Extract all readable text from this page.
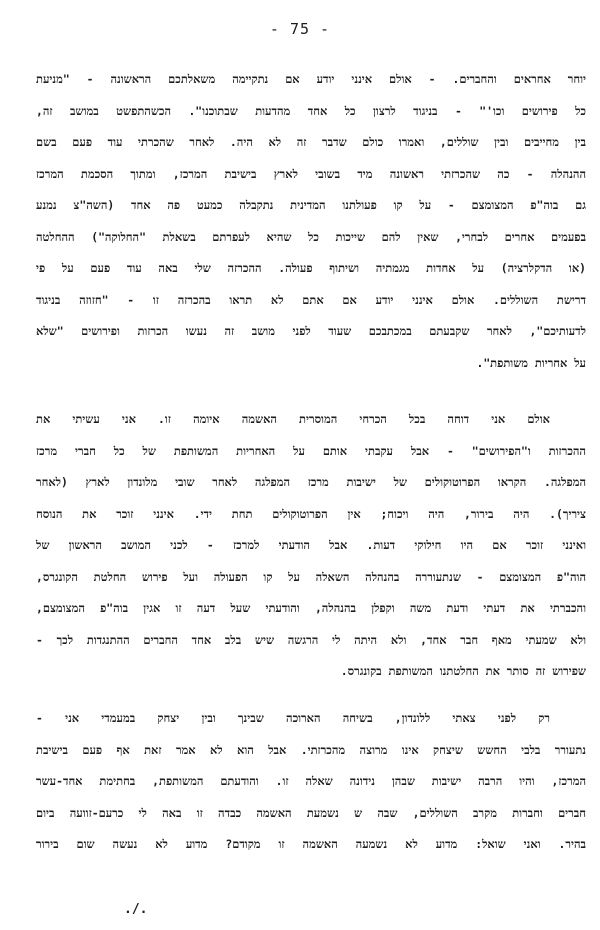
- 75 -
יוחר אחראים והחברים. - אולם אינני יודע אם נתקיימה משאלתכם הראשונה - "מניעת
כל פירושים וכו'" - בניגוד לרצון כל אחד מהדעות שבתוכנו". הכשהתפשט במושב זה,
בין מחייבים ובין שוללים, ואמרו כולם שדבר זה לא היה. לאחר שהכרתי עוד פעם בשם
ההנהלה - כה שהכרזתי ראשונה מיד בשובי לארץ בישיבת המרכז, ומתוך הסכמת המרכז
גם בוה"פ המצומצם - על קו פעולתנו המדינית נתקבלה כמעט פה אחד (השה"צ נמנע
בפעמים אחרים לבחרי, שאין להם שייכות כל שהיא לעפרתם בשאלת "החלוקה") ההחלטה
(או הדקלרציה) על אחדות מגמתיה ושיתוף פעולה. ההכרזה שלי באה עוד פעם על פי
דרישת השוללים. אולם אינני יודע אם אתם לא תראו בהכרזה זו - "חזוזה בניגוד
לדעותיכם", לאחר שקבעתם במכתבכם שעוד לפני מושב זה נעשו הכרזות ופירושים "שלא
על אחריות משותפת".
אולם אני דוחה בכל הכרחי המוסרית האשמה איומה זו. אני עשיתי את
ההכרזות ו"הפירושים" - אבל עקבתי אותם על האחריות המשותפת של כל חברי מרכז
המפלגה. הקראו הפרוטוקולים של ישיבות מרכז המפלגה לאחר שובי מלונדון לארץ (לאחר
ציריך). היה בירור, היה ויכוח; אין הפרוטוקולים תחת ידי. אינני זוכר את הנוסח
ואינני זוכר אם היו חילוקי דעות. אבל הודעתי למרכז - לכני המושב הראשון של
הוה"פ המצומצם - שנתעוררה בהנהלה השאלה על קו הפעולה ועל פירוש החלטת הקונגרס,
והכברתי את דעתי ודעת משה וקפלן בהנהלה, והודעתי שעל דעה זו אגין בוה"פ המצומצם,
ולא שמעתי מאף חבר אחד, ולא היתה לי הרגשה שיש בלב אחד החברים ההתנגדות לכך -
שפירוש זה סותר את החלטתנו המשותפת בקונגרס.
רק לפני צאתי ללונדון, בשיחה הארוכה שבינך ובין יצחק במעמדי אני -
נתעורר בלבי החשש שיצחק אינו מרוצה מהכרזתי. אבל הוא לא אמר זאת אף פעם בישיבת
המרכז, והיו הרבה ישיבות שבהן נידונה שאלה זו. והודעתם המשותפת, בחתימת אחד-עשר
חברים וחברות מקרב השוללים, שבה ש נשמעת האשמה כבדה זו באה לי כרעם-זוועה ביום
בהיר. ואני שואל: מדוע לא נשמעה האשמה זו מקודם? מדוע לא נעשה שום בירור
./.
